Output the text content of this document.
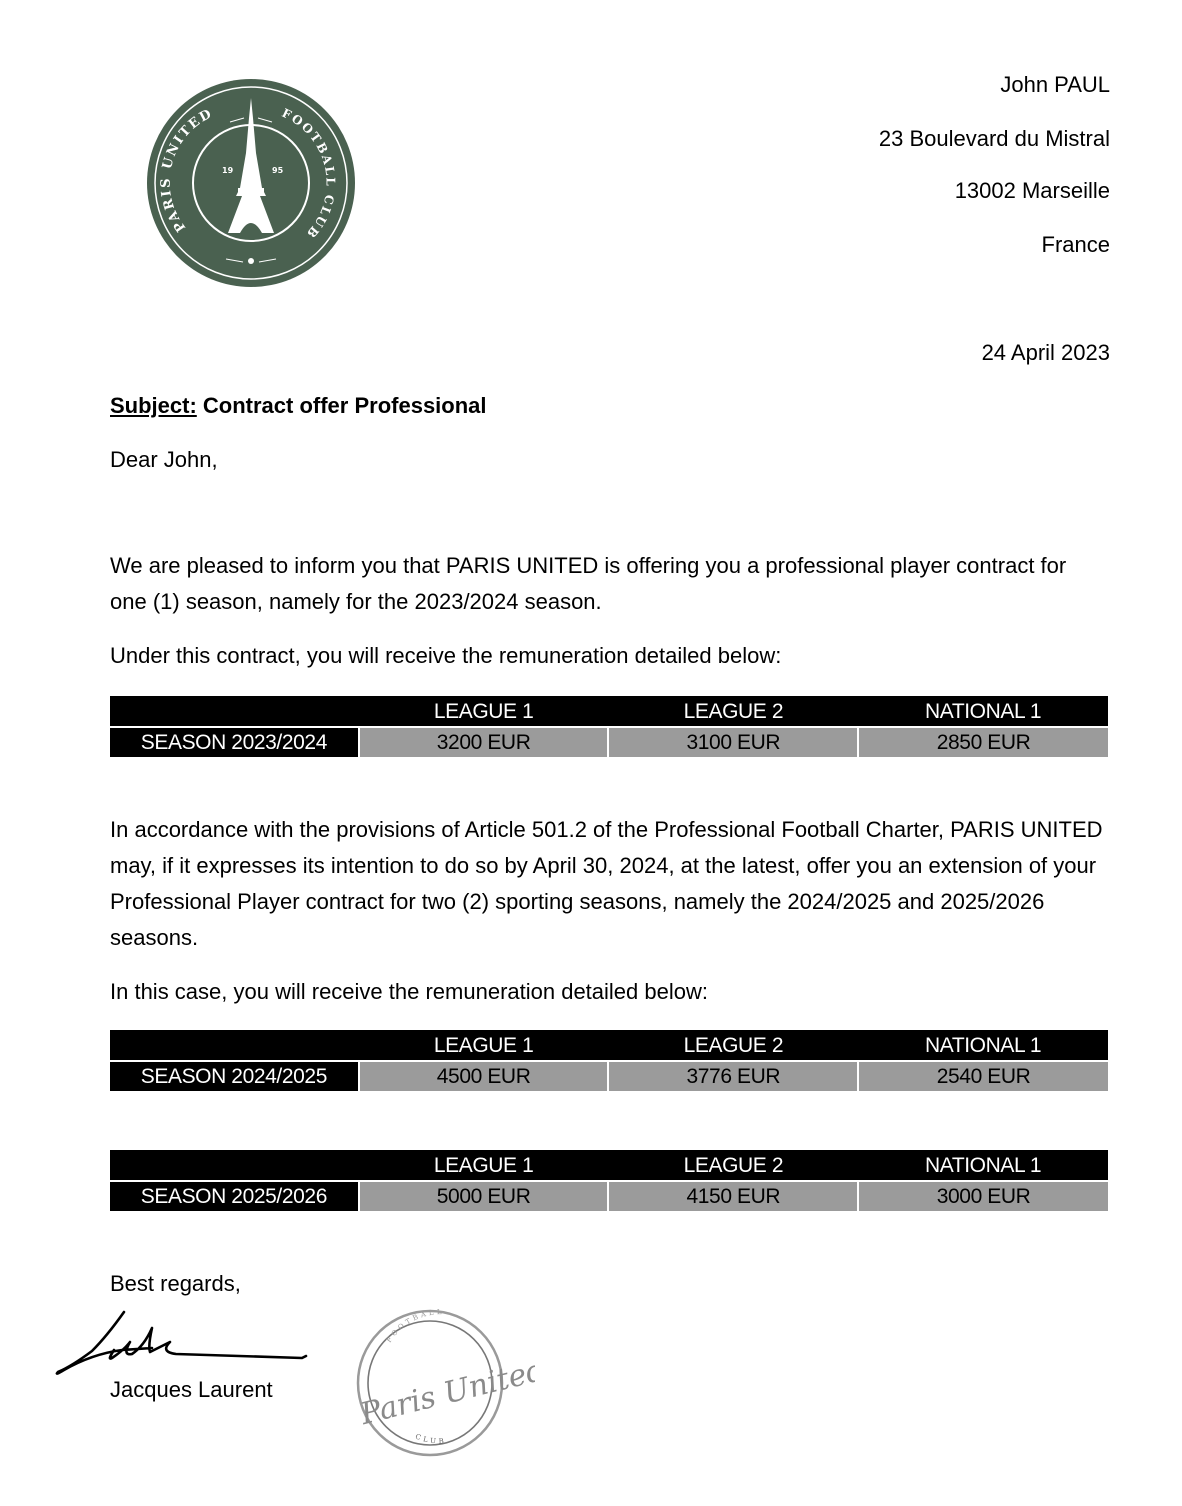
PARIS UNITED	FOOTBALL CLUB
19	95
John PAUL
23 Boulevard du Mistral
13002 Marseille
France
24 April 2023
Subject: Contract offer Professional
Dear John,
We are pleased to inform you that PARIS UNITED is offering you a professional player contract for one (1) season, namely for the 2023/2024 season.
Under this contract, you will receive the remuneration detailed below:
	LEAGUE 1	LEAGUE 2	NATIONAL 1
SEASON 2023/2024	3200 EUR	3100 EUR	2850 EUR
In accordance with the provisions of Article 501.2 of the Professional Football Charter, PARIS UNITED may, if it expresses its intention to do so by April 30, 2024, at the latest, offer you an extension of your Professional Player contract for two (2) sporting seasons, namely the 2024/2025 and 2025/2026 seasons.
In this case, you will receive the remuneration detailed below:
	LEAGUE 1	LEAGUE 2	NATIONAL 1
SEASON 2024/2025	4500 EUR	3776 EUR	2540 EUR
	LEAGUE 1	LEAGUE 2	NATIONAL 1
SEASON 2025/2026	5000 EUR	4150 EUR	3000 EUR
Best regards,
Jacques Laurent
FOOTBALL
CLUB
Paris United
